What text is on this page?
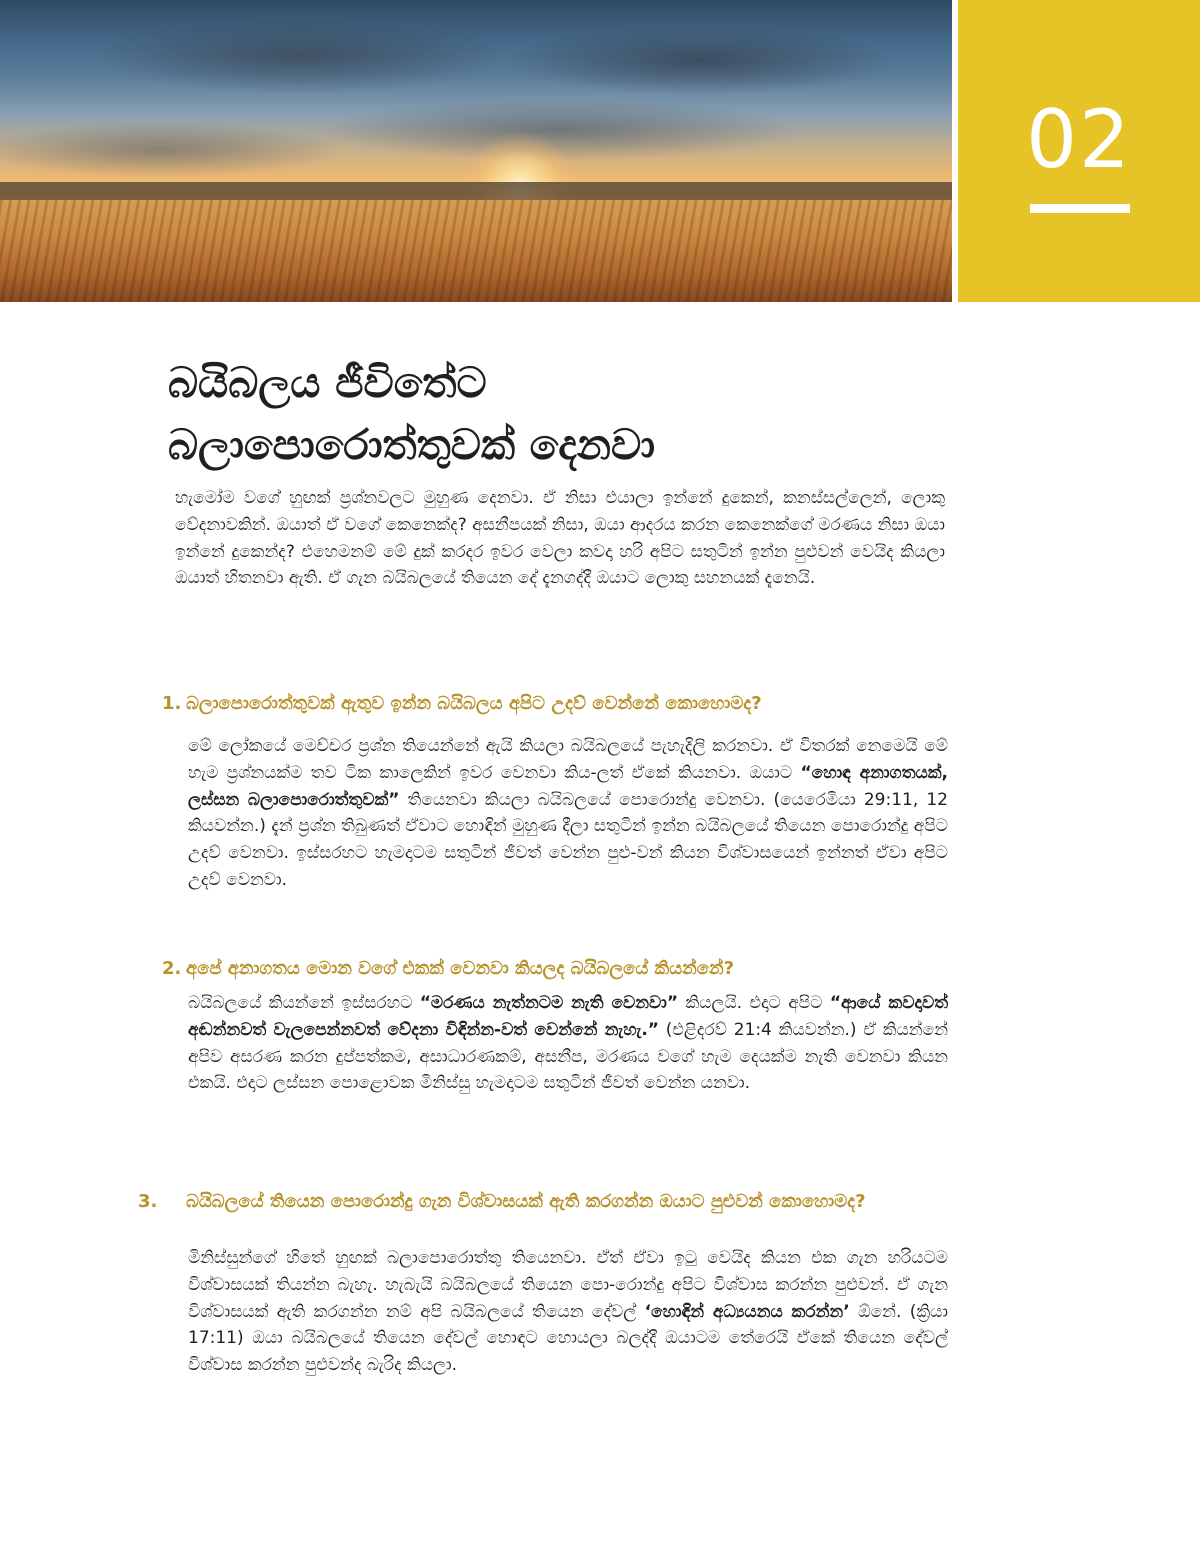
02
බයිබලය ජීවිතේට
බලාපොරොත්තුවක් දෙනවා

හැමෝම වගේ හුඟක් ප්‍රශ්නවලට මුහුණ දෙනවා. ඒ නිසා එයාලා ඉන්නේ දුකෙන්, කනස්සල්ලෙන්, ලොකු වේදනාවකින්. ඔයාත් ඒ වගේ කෙනෙක්ද? අසනීපයක් නිසා, ඔයා ආදරය කරන කෙනෙක්ගේ මරණය නිසා ඔයා ඉන්නේ දුකෙන්ද? එහෙමනම් මේ දුක් කරදර ඉවර වෙලා කවදා හරි අපිට සතුටින් ඉන්න පුළුවන් වෙයිද කියලා ඔයාත් හිතනවා ඇති. ඒ ගැන බයිබලයේ තියෙන දේ දැනගද්දී ඔයාට ලොකු සහනයක් දැනෙයි.

1. බලාපොරොත්තුවක් ඇතුව ඉන්න බයිබලය අපිට උදව් වෙන්නේ කොහොමද?

මේ ලෝකයේ මෙච්චර ප්‍රශ්න තියෙන්නේ ඇයි කියලා බයිබලයේ පැහැදිලි කරනවා. ඒ විතරක් නෙමෙයි මේ හැම ප්‍රශ්නයක්ම තව ටික කාලෙකින් ඉවර වෙනවා කිය-ලත් ඒකේ කියනවා. ඔයාට “හොඳ අනාගතයක්, ලස්සන බලාපොරොත්තුවක්” තියෙනවා කියලා බයිබලයේ පොරොන්දු වෙනවා. (යෙරෙමියා 29:11, 12 කියවන්න.) දැන් ප්‍රශ්න තිබුණත් ඒවාට හොඳින් මුහුණ දීලා සතුටින් ඉන්න බයිබලයේ තියෙන පොරොන්දු අපිට උදව් වෙනවා. ඉස්සරහට හැමදාටම සතුටින් ජීවත් වෙන්න පුළු-වන් කියන විශ්වාසයෙන් ඉන්නත් ඒවා අපිට උදව් වෙනවා.

2. අපේ අනාගතය මොන වගේ එකක් වෙනවා කියලද බයිබලයේ කියන්නේ?

බයිබලයේ කියන්නේ ඉස්සරහට “මරණය නැත්නටම නැති වෙනවා” කියලයි. එදාට අපිට “ආයේ කවදාවත් අඬන්නවත් වැලපෙන්නවත් වේදනා විඳින්න-වත් වෙන්නේ නැහැ.” (එළිදරව් 21:4 කියවන්න.) ඒ කියන්නේ අපිව අසරණ කරන දුප්පත්කම, අසාධාරණකම්, අසනීප, මරණය වගේ හැම දෙයක්ම නැති වෙනවා කියන එකයි. එදාට ලස්සන පොළොවක මිනිස්සු හැමදාටම සතුටින් ජීවත් වෙන්න යනවා.

3. බයිබලයේ තියෙන පොරොන්දු ගැන විශ්වාසයක් ඇති කරගන්න ඔයාට පුළුවන් කොහොමද?

මිනිස්සුන්ගේ හිතේ හුඟක් බලාපොරොත්තු තියෙනවා. ඒත් ඒවා ඉටු වෙයිද කියන එක ගැන හරියටම විශ්වාසයක් තියන්න බැහැ. හැබැයි බයිබලයේ තියෙන පො-රොන්දු අපිට විශ්වාස කරන්න පුළුවන්. ඒ ගැන විශ්වාසයක් ඇති කරගන්න නම් අපි බයිබලයේ තියෙන දේවල් ‘හොඳින් අධ්‍යයනය කරන්න’ ඕනේ. (ක්‍රියා 17:11) ඔයා බයිබලයේ තියෙන දේවල් හොඳට හොයලා බලද්දී ඔයාටම තේරෙයි ඒකේ තියෙන දේවල් විශ්වාස කරන්න පුළුවන්ද බැරිද කියලා.
